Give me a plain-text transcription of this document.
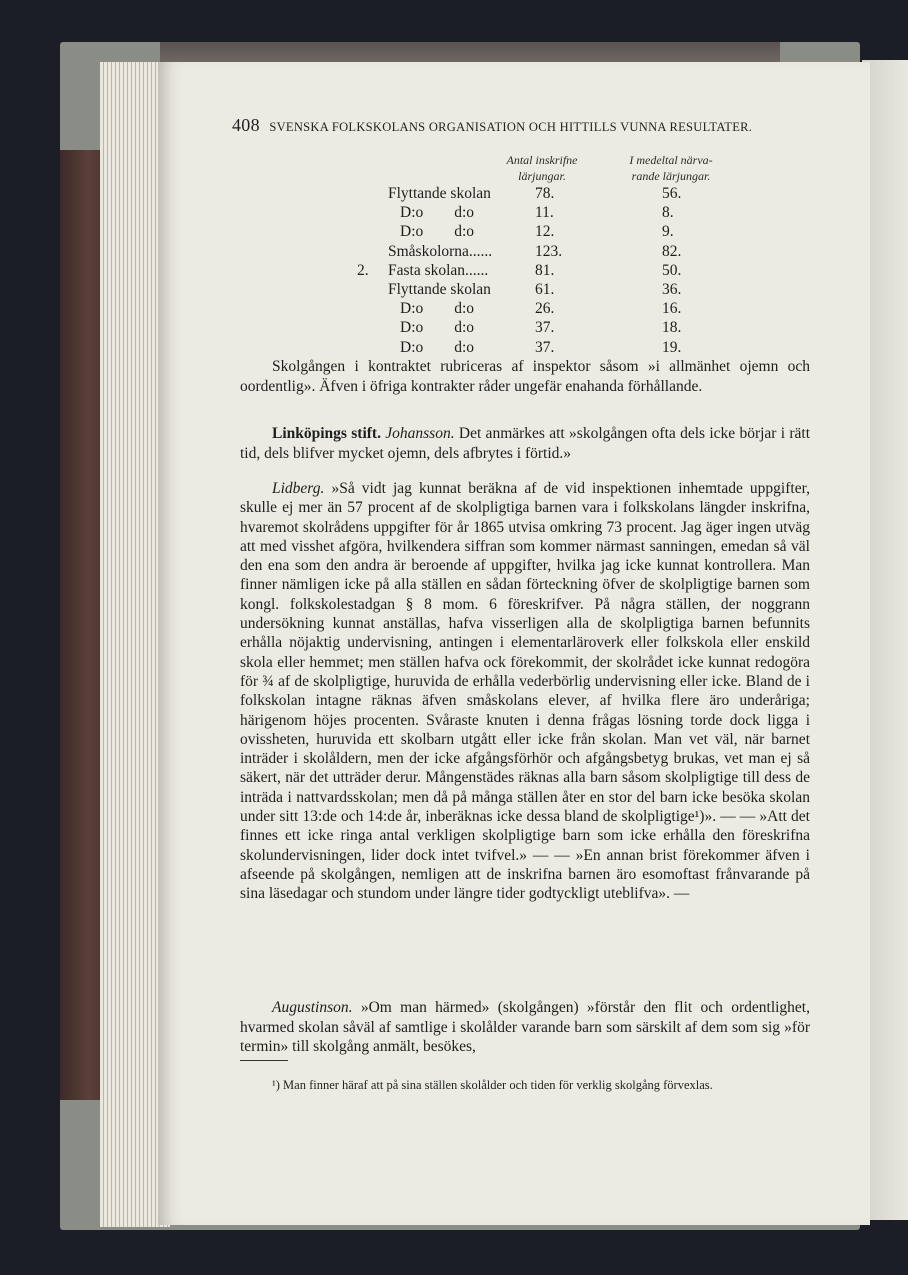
408 SVENSKA FOLKSKOLANS ORGANISATION OCH HITTILLS VUNNA RESULTATER.
Antal inskrifne
lärjungar.
I medeltal närva-
rande lärjungar.
Flyttande skolan	78.	56.
D:o        d:o	11.	8.
D:o        d:o	12.	9.
Småskolorna......	123.	82.
2. Fasta skolan......	81.	50.
Flyttande skolan	61.	36.
D:o        d:o	26.	16.
D:o        d:o	37.	18.
D:o        d:o	37.	19.

Skolgången i kontraktet rubriceras af inspektor såsom »i allmänhet ojemn och oordentlig». Äfven i öfriga kontrakter råder ungefär enahanda förhållande.

Linköpings stift. Johansson. Det anmärkes att »skolgången ofta dels icke börjar i rätt tid, dels blifver mycket ojemn, dels afbrytes i förtid.»

Lidberg. »Så vidt jag kunnat beräkna af de vid inspektionen inhemtade uppgifter, skulle ej mer än 57 procent af de skolpligtiga barnen vara i folkskolans längder inskrifna, hvaremot skolrådens uppgifter för år 1865 utvisa omkring 73 procent. Jag äger ingen utväg att med visshet afgöra, hvilkendera siffran som kommer närmast sanningen, emedan så väl den ena som den andra är beroende af uppgifter, hvilka jag icke kunnat kontrollera. Man finner nämligen icke på alla ställen en sådan förteckning öfver de skolpligtige barnen som kongl. folkskolestadgan § 8 mom. 6 föreskrifver. På några ställen, der noggrann undersökning kunnat anställas, hafva visserligen alla de skolpligtiga barnen befunnits erhålla nöjaktig undervisning, antingen i elementarläroverk eller folkskola eller enskild skola eller hemmet; men ställen hafva ock förekommit, der skolrådet icke kunnat redogöra för ¾ af de skolpligtige, huruvida de erhålla vederbörlig undervisning eller icke. Bland de i folkskolan intagne räknas äfven småskolans elever, af hvilka flere äro underåriga; härigenom höjes procenten. Svåraste knuten i denna frågas lösning torde dock ligga i ovissheten, huruvida ett skolbarn utgått eller icke från skolan. Man vet väl, när barnet inträder i skolåldern, men der icke afgångsförhör och afgångsbetyg brukas, vet man ej så säkert, när det utträder derur. Mångenstädes räknas alla barn såsom skolpligtige till dess de inträda i nattvardsskolan; men då på många ställen åter en stor del barn icke besöka skolan under sitt 13:de och 14:de år, inberäknas icke dessa bland de skolpligtige¹)». — — »Att det finnes ett icke ringa antal verkligen skolpligtige barn som icke erhålla den föreskrifna skolundervisningen, lider dock intet tvifvel.» — — »En annan brist förekommer äfven i afseende på skolgången, nemligen att de inskrifna barnen äro esomoftast frånvarande på sina läsedagar och stundom under längre tider godtyckligt uteblifva». —

Augustinson. »Om man härmed» (skolgången) »förstår den flit och ordentlighet, hvarmed skolan såväl af samtlige i skolålder varande barn som särskilt af dem som sig »för termin» till skolgång anmält, besökes,

¹) Man finner häraf att på sina ställen skolålder och tiden för verklig skolgång förvexlas.
